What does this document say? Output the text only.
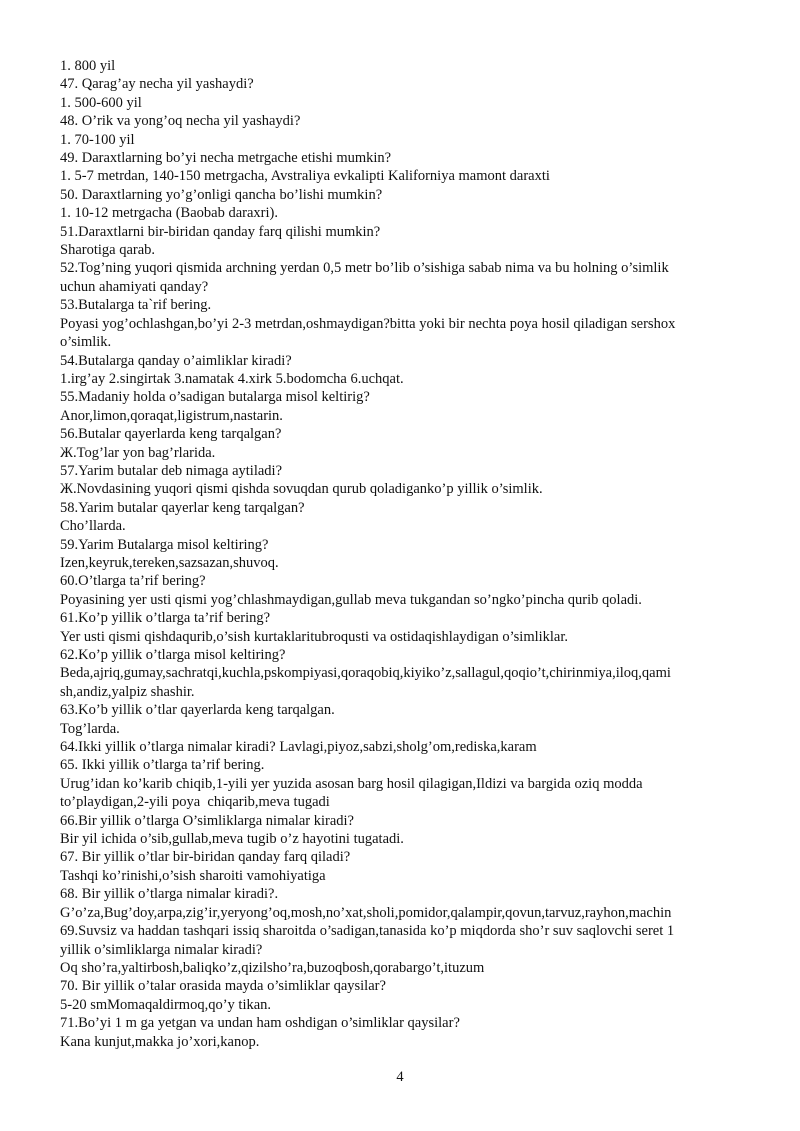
1. 800 yil
47. Qarag’ay necha yil yashaydi?
1. 500-600 yil
48. O’rik va yong’oq necha yil yashaydi?
1. 70-100 yil
49. Daraxtlarning bo’yi necha metrgache etishi mumkin?
1. 5-7 metrdan, 140-150 metrgacha, Avstraliya evkalipti Kaliforniya mamont daraxti
50. Daraxtlarning yo’g’onligi qancha bo’lishi mumkin?
1. 10-12 metrgacha (Baobab daraxri).
51.Daraxtlarni bir-biridan qanday farq qilishi mumkin?
Sharotiga qarab.
52.Tog’ning yuqori qismida archning yerdan 0,5 metr bo’lib o’sishiga sabab nima va bu holning o’simlik
uchun ahamiyati qanday?
53.Butalarga ta`rif bering.
Poyasi yog’ochlashgan,bo’yi 2-3 metrdan,oshmaydigan?bitta yoki bir nechta poya hosil qiladigan sershox
o’simlik.
54.Butalarga qanday o’aimliklar kiradi?
1.irg’ay 2.singirtak 3.namatak 4.xirk 5.bodomcha 6.uchqat.
55.Madaniy holda o’sadigan butalarga misol keltirig?
Anor,limon,qoraqat,ligistrum,nastarin.
56.Butalar qayerlarda keng tarqalgan?
Ж.Tog’lar yon bag’rlarida.
57.Yarim butalar deb nimaga aytiladi?
Ж.Novdasining yuqori qismi qishda sovuqdan qurub qoladiganko’p yillik o’simlik.
58.Yarim butalar qayerlar keng tarqalgan?
Cho’llarda.
59.Yarim Butalarga misol keltiring?
Izen,keyruk,tereken,sazsazan,shuvoq.
60.O’tlarga ta’rif bering?
Poyasining yer usti qismi yog’chlashmaydigan,gullab meva tukgandan so’ngko’pincha qurib qoladi.
61.Ko’p yillik o’tlarga ta’rif bering?
Yer usti qismi qishdaqurib,o’sish kurtaklaritubroqusti va ostidaqishlaydigan o’simliklar.
62.Ko’p yillik o’tlarga misol keltiring?
Beda,ajriq,gumay,sachratqi,kuchla,pskompiyasi,qoraqobiq,kiyiko’z,sallagul,qoqio’t,chirinmiya,iloq,qami
sh,andiz,yalpiz shashir.
63.Ko’b yillik o’tlar qayerlarda keng tarqalgan.
Tog’larda.
64.Ikki yillik o’tlarga nimalar kiradi? Lavlagi,piyoz,sabzi,sholg’om,rediska,karam
65. Ikki yillik o’tlarga ta’rif bering.
Urug’idan ko’karib chiqib,1-yili yer yuzida asosan barg hosil qilagigan,Ildizi va bargida oziq modda
to’playdigan,2-yili poya  chiqarib,meva tugadi
66.Bir yillik o’tlarga O’simliklarga nimalar kiradi?
Bir yil ichida o’sib,gullab,meva tugib o’z hayotini tugatadi.
67. Bir yillik o’tlar bir-biridan qanday farq qiladi?
Tashqi ko’rinishi,o’sish sharoiti vamohiyatiga
68. Bir yillik o’tlarga nimalar kiradi?.
G’o’za,Bug’doy,arpa,zig’ir,yeryong’oq,mosh,no’xat,sholi,pomidor,qalampir,qovun,tarvuz,rayhon,machin
69.Suvsiz va haddan tashqari issiq sharoitda o’sadigan,tanasida ko’p miqdorda sho’r suv saqlovchi seret 1
yillik o’simliklarga nimalar kiradi?
Oq sho’ra,yaltirbosh,baliqko’z,qizilsho’ra,buzoqbosh,qorabargo’t,ituzum
70. Bir yillik o’talar orasida mayda o’simliklar qaysilar?
5-20 smMomaqaldirmoq,qo’y tikan.
71.Bo’yi 1 m ga yetgan va undan ham oshdigan o’simliklar qaysilar?
Kana kunjut,makka jo’xori,kanop.
4
